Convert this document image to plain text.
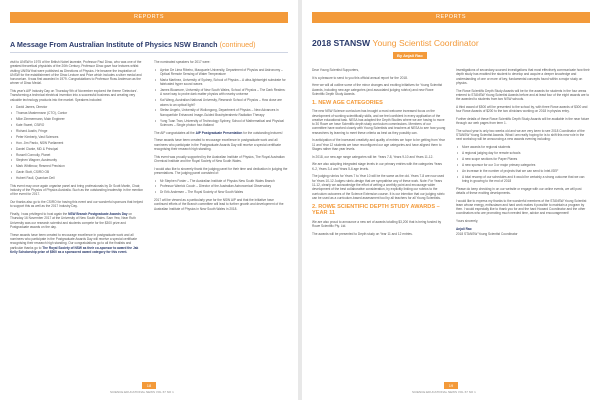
REPORTS
A Message From Australian Institute of Physics NSW Branch (continued)

visit to UNSW in 1975 of the British Nobel laureate, Professor Paul Dirac, who was one of the greatest theoretical physicists of the 20th Century. Professor Dirac gave four lectures whilst visiting UNSW that were published as Directions of Physics. He became the inspiration of UNSW for the establishment of the Dirac Lecture and Prize which includes a silver medal and honorarium. It was first awarded in 1979. Congratulations to Professor Ross Anderson as the winner of Dirac Medal.

This year's AIP Industry Day on Thursday 9th of November explored the theme 'Detectors'. Transforming a technical electrical invention into a successful business and creating very valuable technology products into the market. Speakers included:

• David James, Director
• Thomas Mastermann (CTO), Contor
• Mike Zimmermann, Main Engineer
• Kate Sweet, CSIRO
• Richard Austin, Fringe
• Peter Kimberly, Vast Sciences
• Hon. Jim Pardo, NSW Parliament
• Daniel Clarke, MD & Principal
• Russell Connolly, Planet
• Stephen Wagner, Austmunity
• Mark Whitbrow, Resmed Precision
• Gavin Stott, CSIRO OB
• Hubert Faull, Quantum Dell

This event may once again organise panel and bring professionals by Dr Scott Martin, Chair, Industry of the Physics of Physics Australia. Such as the outstanding leadership in the mention of the event for 2017.

Our thanks also go to the CSIRO for having this event and our wonderful sponsors that helped to support this as well as the 2017 Industry Day.

Finally, I was privileged to host again the NSW Branch Postgraduate Awards Day on Thursday 16 November 2017 at the University of New South Wales. Sam Yew, Near Ruth University was our research scientist and students compete for the $300 prize and Postgraduate awards on the day.

These awards have been created to encourage excellence in postgraduate work and all nominees who participate in the Postgraduate Awards Day will receive a special certificate recognising their research high standing. Our congratulations go to all the finalists and particular thanks go to The Royal Society of NSW as their co-sponsor to award the Jak Kelly Scholarship prize of $500 as a sponsored award category for this event.

The nominated speakers for 2017 were:

• Ayrton De Lima Ribeiro, Macquarie University, Department of Physics and Astronomy – Optical Remote Sensing of Water Temperature
• Maria Martinez, University of Sydney, School of Physics – A ultra-lightweight substrate for fabricated hyper sound waves
• James Bluamore, University of New South Wales, School of Physics – The Dark Realms: A novel way to probe dark matter physics with nearby universe
• Kai Wang, Australian National University, Research School of Physics – How close are atoms to an optical light?
• Stefan Angelo, University of Wollongong, Department of Physics – New Advances in Nanoparticle Enhanced Image-Guided Brachyterahertz Radiation Therapy
• Yung Tuan Tran, University of Technology Sydney, School of Mathematical and Physical Sciences – Single photon four-flatland

The AIP congratulates all the AIP Postgraduate Presentation for the outstanding lectures!

These awards have been created to encourage excellence in postgraduate work and all nominees who participate in the Postgraduate Awards Day will receive a special certificate recognising their research high standing.

This event was proudly supported by the Australian Institute of Physics, The Royal Australian Chemical Institute and the Royal Society of New South Wales.

I would also like to sincerely thank the judging panel for their time and dedication in judging the presentations. The judging panel consisted of:

• Mr Stephen Foster – The Australian Institute of Physics New South Wales Branch
• Professor Warrick Couch – Director of the Australian Astronomical Observatory
• Dr Erik Andersen – The Royal Society of New South Wales

2017 will be viewed as a particularly year for the NSW AIP and that the initiative have continued efforts of the Branch committee will lead to further growth and development of the Australian Institute of Physics in New South Wales in 2018.

18
SCIENCE EDUCATIONAL NEWS VOL 67 NO 1
REPORTS
2018 STANSW Young Scientist Coordinator
By Anjali Rao

Dear Young Scientist Supporters,

It is a pleasure to send to you this official annual report for the 2018.

Here we will all outline some of the minor changes and exciting initiatives for Young Scientist Awards, including new age categories (and associated judging rubrics) and new Rowe Scientific Depth Study Awards.

1. NEW AGE CATEGORIES

The new NSW Science curriculum has brought a most welcome increased focus on the development of working scientifically skills, and we feel confident in every application of the creative educational task. NESA has adapted the Depth Studies where we are having to move to 30 Rowe we have Scientific depth study curriculum commissions. Members of our committee have worked closely with Young Scientists and teachers at NESA to see how young researchers by learning to meet these criteria as best as they possibly can.

In anticipation of the increased creativity and quality of entries we hope to be getting from Year 11 and Year 12 students we have reconfigured our age categories and have aligned them to Stages rather than year levels.

In 2018, our new age range categories will be: Years 7-8, Years 9-10 and Years 11-12.

We are also adopting integrated stage levels in our primary entries with the categories Years K-2, Years 3-4 and Years 5-6 age levels.

The judging rubrics for Years 7 to Year 10 will be the same as the old. Years 7-8 are now used for Years 10-12 Judges rubric-design that we sympathise any of these work. Note: For Years 11-12, clearly we acknowledge the effort of writing a worthily point and encourage wider development of the best collaborative consideration, by explicitly linking our rubrics to the curriculum outcomes of the Science Extension course. It is our intention that our judging rubric can be used as a curriculum-based assessment tool by all teachers for all Young Scientists.

2. ROWE SCIENTIFIC DEPTH STUDY AWARDS – YEAR 11

We are also proud to announce a new set of awards totalling $3,200 that is being funded by Rowe Scientific Pty. Ltd.

The awards will be presented to Depth study on Year 11 and 12 entries.

investigations of secondary-sourced investigations that most effectively communicate how their depth study has enabled the student to develop and acquire a deeper knowledge and understanding of one or more of key, fundamental concepts found within a major study on physics.

The Rowe Scientific Depth Study Awards will be for the awards for students in the four areas entered to STANSW Young Scientist Awards before and at least four of the eight awards are to the awarded to students from two NSW schools.

A third award of $500 will be presented to the school by, with three Rowe awards of $300 and four Rowe Awards of $200 to the two clinicians working on 2018 in physics entry.

Further details of these Rowe Scientific Depth Study Awards will be available in the near future through our web pages from term 1.

The school year is only two weeks old and we are very keen to see 2018 Coordinator of the STANSW Young Scientist Awards. What I am really hoping for is to shift this new role in the next workshop will be announcing a new awards evening including:

• More awards for regional students
• A regional judging day for remote schools
• A new scope sections for Paper Planes
• A new sponsor for our 3 or major primary categories
• An increase in the number of projects that we can send to Intel-ISEF
• A total revamp of our schedules and it would be certainly a strong outcome that we can bring in growing to the end of 2018

Please do keep checking in on our website or engage with our online events, we will post details of these exciting developments.

I would like to express my thanks to the wonderful members of the STANSW Young Scientist team whose energy, enthusiasm and hard work makes it possible to maintain a program by then. I would especially like to thank you for and the hard Howard Coordinator and the other coordinators who are promoting much needed time, advice and encouragement!

Yours sincerely,

Anjali Rao

2018 STANSW Young Scientist Coordinator

19
SCIENCE EDUCATIONAL NEWS VOL 67 NO 1
